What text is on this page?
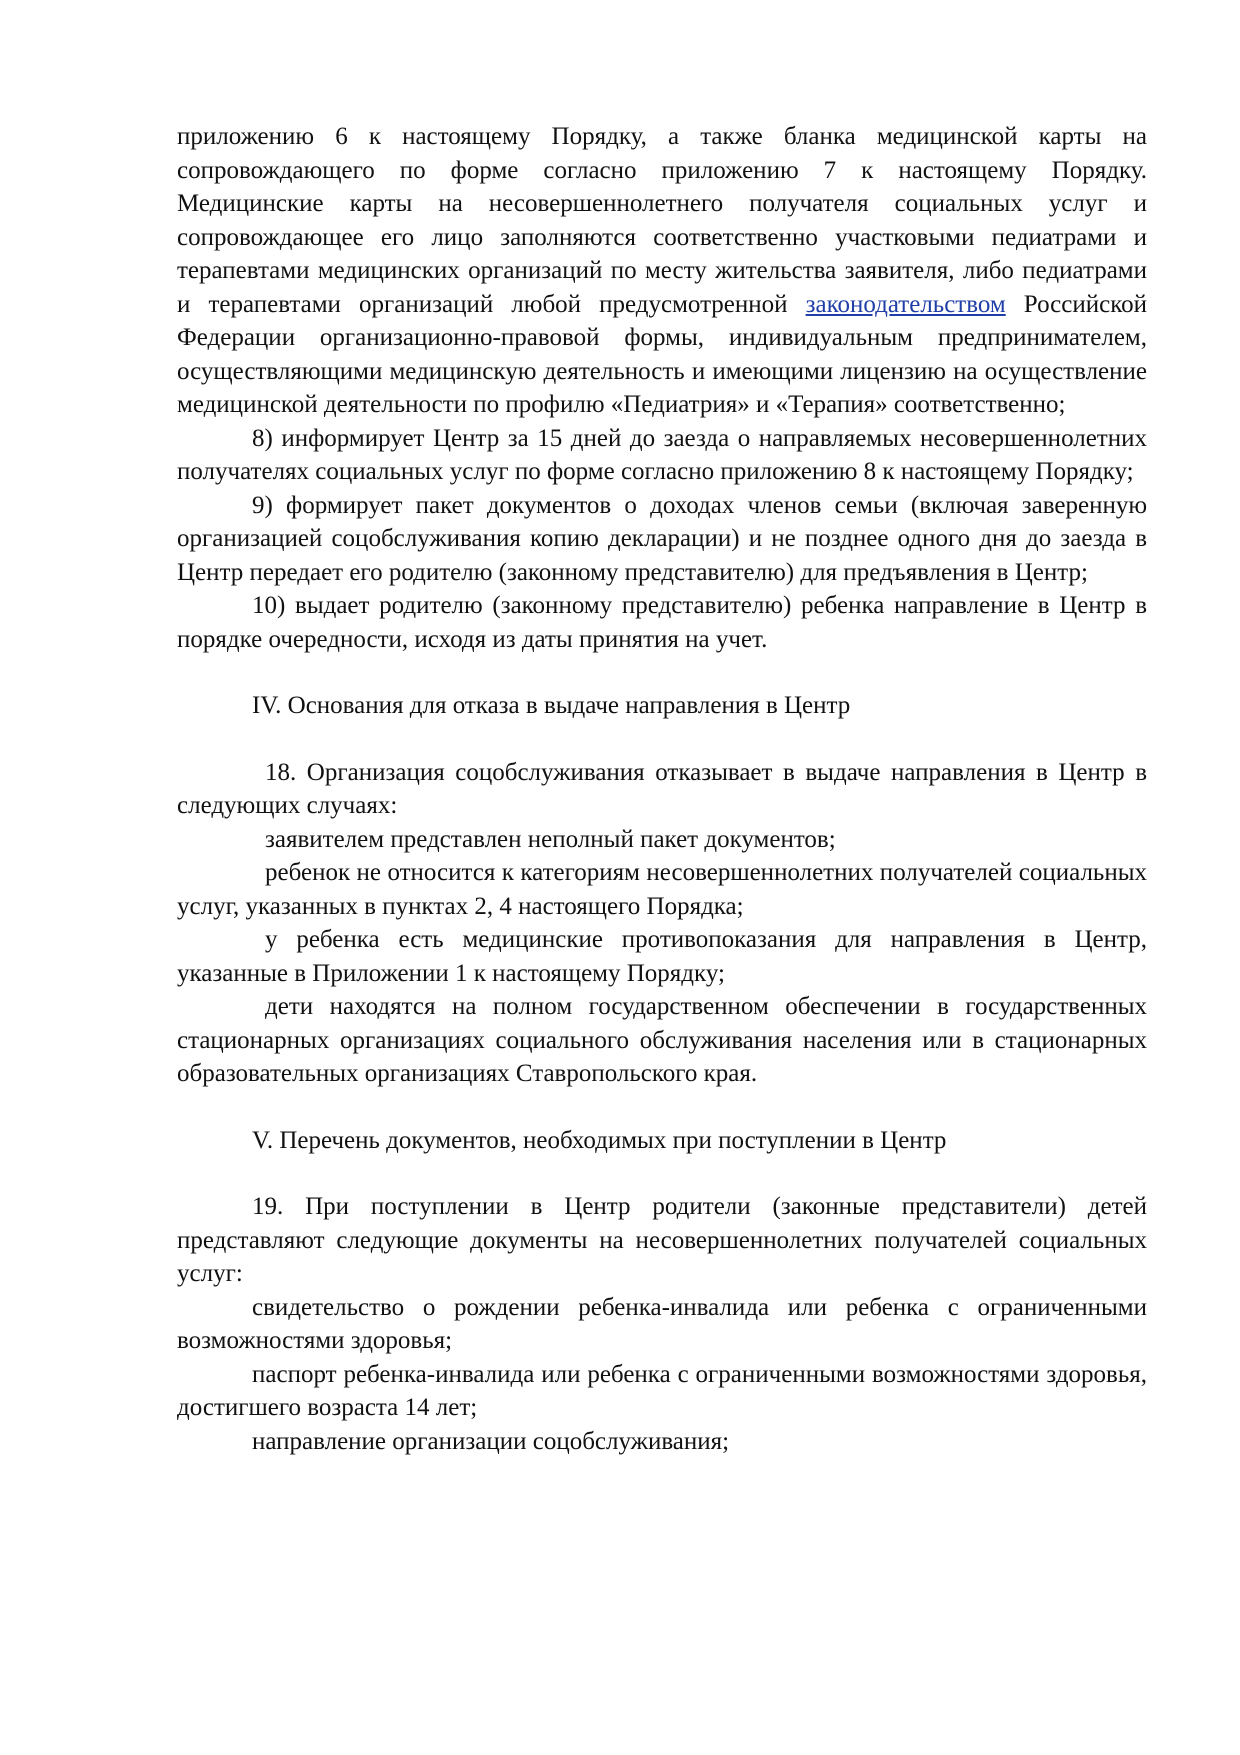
приложению 6 к настоящему Порядку, а также бланка медицинской карты на сопровождающего по форме согласно приложению 7 к настоящему Порядку. Медицинские карты на несовершеннолетнего получателя социальных услуг и сопровождающее его лицо заполняются соответственно участковыми педиатрами и терапевтами медицинских организаций по месту жительства заявителя, либо педиатрами и терапевтами организаций любой предусмотренной законодательством Российской Федерации организационно-правовой формы, индивидуальным предпринимателем, осуществляющими медицинскую деятельность и имеющими лицензию на осуществление медицинской деятельности по профилю «Педиатрия» и «Терапия» соответственно;

8) информирует Центр за 15 дней до заезда о направляемых несовершеннолетних получателях социальных услуг по форме согласно приложению 8 к настоящему Порядку;

9) формирует пакет документов о доходах членов семьи (включая заверенную организацией соцобслуживания копию декларации) и не позднее одного дня до заезда в Центр передает его родителю (законному представителю) для предъявления в Центр;

10) выдает родителю (законному представителю) ребенка направление в Центр в порядке очередности, исходя из даты принятия на учет.

IV. Основания для отказа в выдаче направления в Центр

18. Организация соцобслуживания отказывает в выдаче направления в Центр в следующих случаях:

заявителем представлен неполный пакет документов;

ребенок не относится к категориям несовершеннолетних получателей социальных услуг, указанных в пунктах 2, 4 настоящего Порядка;

у ребенка есть медицинские противопоказания для направления в Центр, указанные в Приложении 1 к настоящему Порядку;

дети находятся на полном государственном обеспечении в государственных стационарных организациях социального обслуживания населения или в стационарных образовательных организациях Ставропольского края.

V. Перечень документов, необходимых при поступлении в Центр

19. При поступлении в Центр родители (законные представители) детей представляют следующие документы на несовершеннолетних получателей социальных услуг:

свидетельство о рождении ребенка-инвалида или ребенка с ограниченными возможностями здоровья;

паспорт ребенка-инвалида или ребенка с ограниченными возможностями здоровья, достигшего возраста 14 лет;

направление организации соцобслуживания;
